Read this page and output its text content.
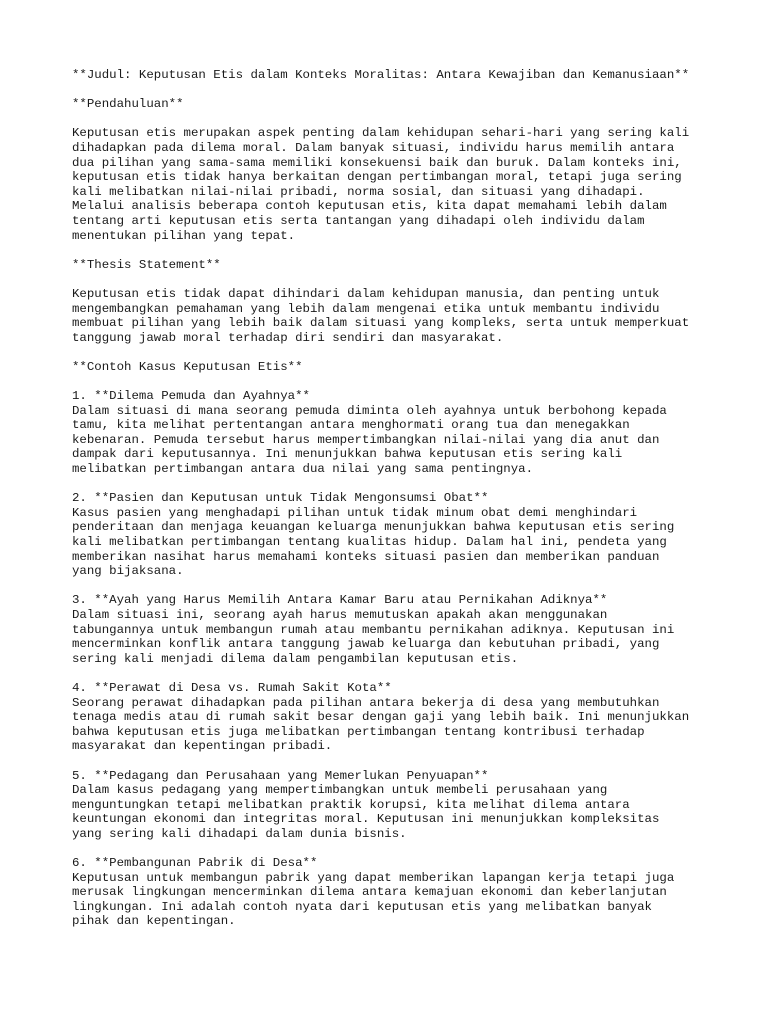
**Judul: Keputusan Etis dalam Konteks Moralitas: Antara Kewajiban dan Kemanusiaan**

**Pendahuluan**

Keputusan etis merupakan aspek penting dalam kehidupan sehari-hari yang sering kali
dihadapkan pada dilema moral. Dalam banyak situasi, individu harus memilih antara
dua pilihan yang sama-sama memiliki konsekuensi baik dan buruk. Dalam konteks ini,
keputusan etis tidak hanya berkaitan dengan pertimbangan moral, tetapi juga sering
kali melibatkan nilai-nilai pribadi, norma sosial, dan situasi yang dihadapi.
Melalui analisis beberapa contoh keputusan etis, kita dapat memahami lebih dalam
tentang arti keputusan etis serta tantangan yang dihadapi oleh individu dalam
menentukan pilihan yang tepat.

**Thesis Statement**

Keputusan etis tidak dapat dihindari dalam kehidupan manusia, dan penting untuk
mengembangkan pemahaman yang lebih dalam mengenai etika untuk membantu individu
membuat pilihan yang lebih baik dalam situasi yang kompleks, serta untuk memperkuat
tanggung jawab moral terhadap diri sendiri dan masyarakat.

**Contoh Kasus Keputusan Etis**

1. **Dilema Pemuda dan Ayahnya**
Dalam situasi di mana seorang pemuda diminta oleh ayahnya untuk berbohong kepada
tamu, kita melihat pertentangan antara menghormati orang tua dan menegakkan
kebenaran. Pemuda tersebut harus mempertimbangkan nilai-nilai yang dia anut dan
dampak dari keputusannya. Ini menunjukkan bahwa keputusan etis sering kali
melibatkan pertimbangan antara dua nilai yang sama pentingnya.

2. **Pasien dan Keputusan untuk Tidak Mengonsumsi Obat**
Kasus pasien yang menghadapi pilihan untuk tidak minum obat demi menghindari
penderitaan dan menjaga keuangan keluarga menunjukkan bahwa keputusan etis sering
kali melibatkan pertimbangan tentang kualitas hidup. Dalam hal ini, pendeta yang
memberikan nasihat harus memahami konteks situasi pasien dan memberikan panduan
yang bijaksana.

3. **Ayah yang Harus Memilih Antara Kamar Baru atau Pernikahan Adiknya**
Dalam situasi ini, seorang ayah harus memutuskan apakah akan menggunakan
tabungannya untuk membangun rumah atau membantu pernikahan adiknya. Keputusan ini
mencerminkan konflik antara tanggung jawab keluarga dan kebutuhan pribadi, yang
sering kali menjadi dilema dalam pengambilan keputusan etis.

4. **Perawat di Desa vs. Rumah Sakit Kota**
Seorang perawat dihadapkan pada pilihan antara bekerja di desa yang membutuhkan
tenaga medis atau di rumah sakit besar dengan gaji yang lebih baik. Ini menunjukkan
bahwa keputusan etis juga melibatkan pertimbangan tentang kontribusi terhadap
masyarakat dan kepentingan pribadi.

5. **Pedagang dan Perusahaan yang Memerlukan Penyuapan**
Dalam kasus pedagang yang mempertimbangkan untuk membeli perusahaan yang
menguntungkan tetapi melibatkan praktik korupsi, kita melihat dilema antara
keuntungan ekonomi dan integritas moral. Keputusan ini menunjukkan kompleksitas
yang sering kali dihadapi dalam dunia bisnis.

6. **Pembangunan Pabrik di Desa**
Keputusan untuk membangun pabrik yang dapat memberikan lapangan kerja tetapi juga
merusak lingkungan mencerminkan dilema antara kemajuan ekonomi dan keberlanjutan
lingkungan. Ini adalah contoh nyata dari keputusan etis yang melibatkan banyak
pihak dan kepentingan.
